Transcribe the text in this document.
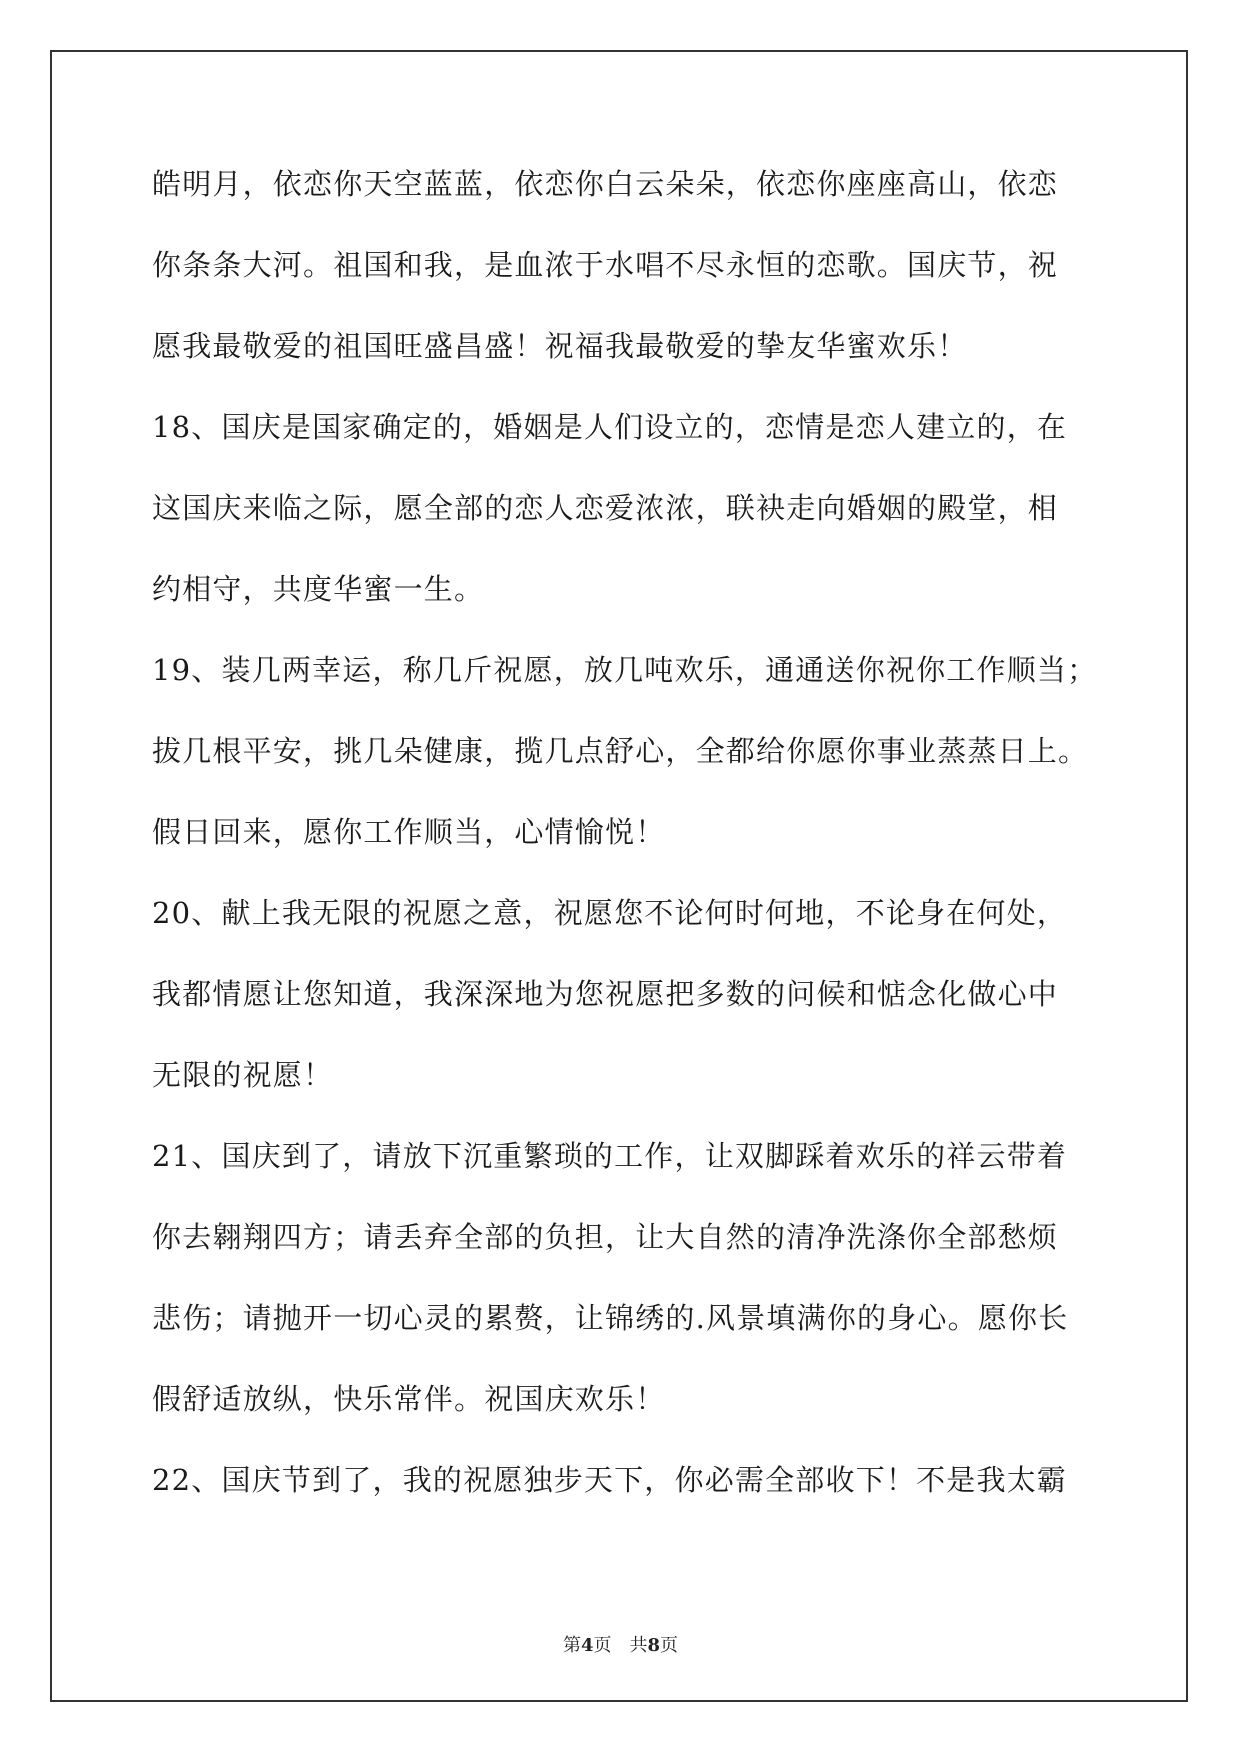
皓明月，依恋你天空蓝蓝，依恋你白云朵朵，依恋你座座高山，依恋
你条条大河。祖国和我，是血浓于水唱不尽永恒的恋歌。国庆节，祝
愿我最敬爱的祖国旺盛昌盛！祝福我最敬爱的挚友华蜜欢乐！
18、国庆是国家确定的，婚姻是人们设立的，恋情是恋人建立的，在
这国庆来临之际，愿全部的恋人恋爱浓浓，联袂走向婚姻的殿堂，相
约相守，共度华蜜一生。
19、装几两幸运，称几斤祝愿，放几吨欢乐，通通送你祝你工作顺当；
拔几根平安，挑几朵健康，揽几点舒心，全都给你愿你事业蒸蒸日上。
假日回来，愿你工作顺当，心情愉悦！
20、献上我无限的祝愿之意，祝愿您不论何时何地，不论身在何处，
我都情愿让您知道，我深深地为您祝愿把多数的问候和惦念化做心中
无限的祝愿！
21、国庆到了，请放下沉重繁琐的工作，让双脚踩着欢乐的祥云带着
你去翱翔四方；请丢弃全部的负担，让大自然的清净洗涤你全部愁烦
悲伤；请抛开一切心灵的累赘，让锦绣的.风景填满你的身心。愿你长
假舒适放纵，快乐常伴。祝国庆欢乐！
22、国庆节到了，我的祝愿独步天下，你必需全部收下！不是我太霸
第4页　共8页
